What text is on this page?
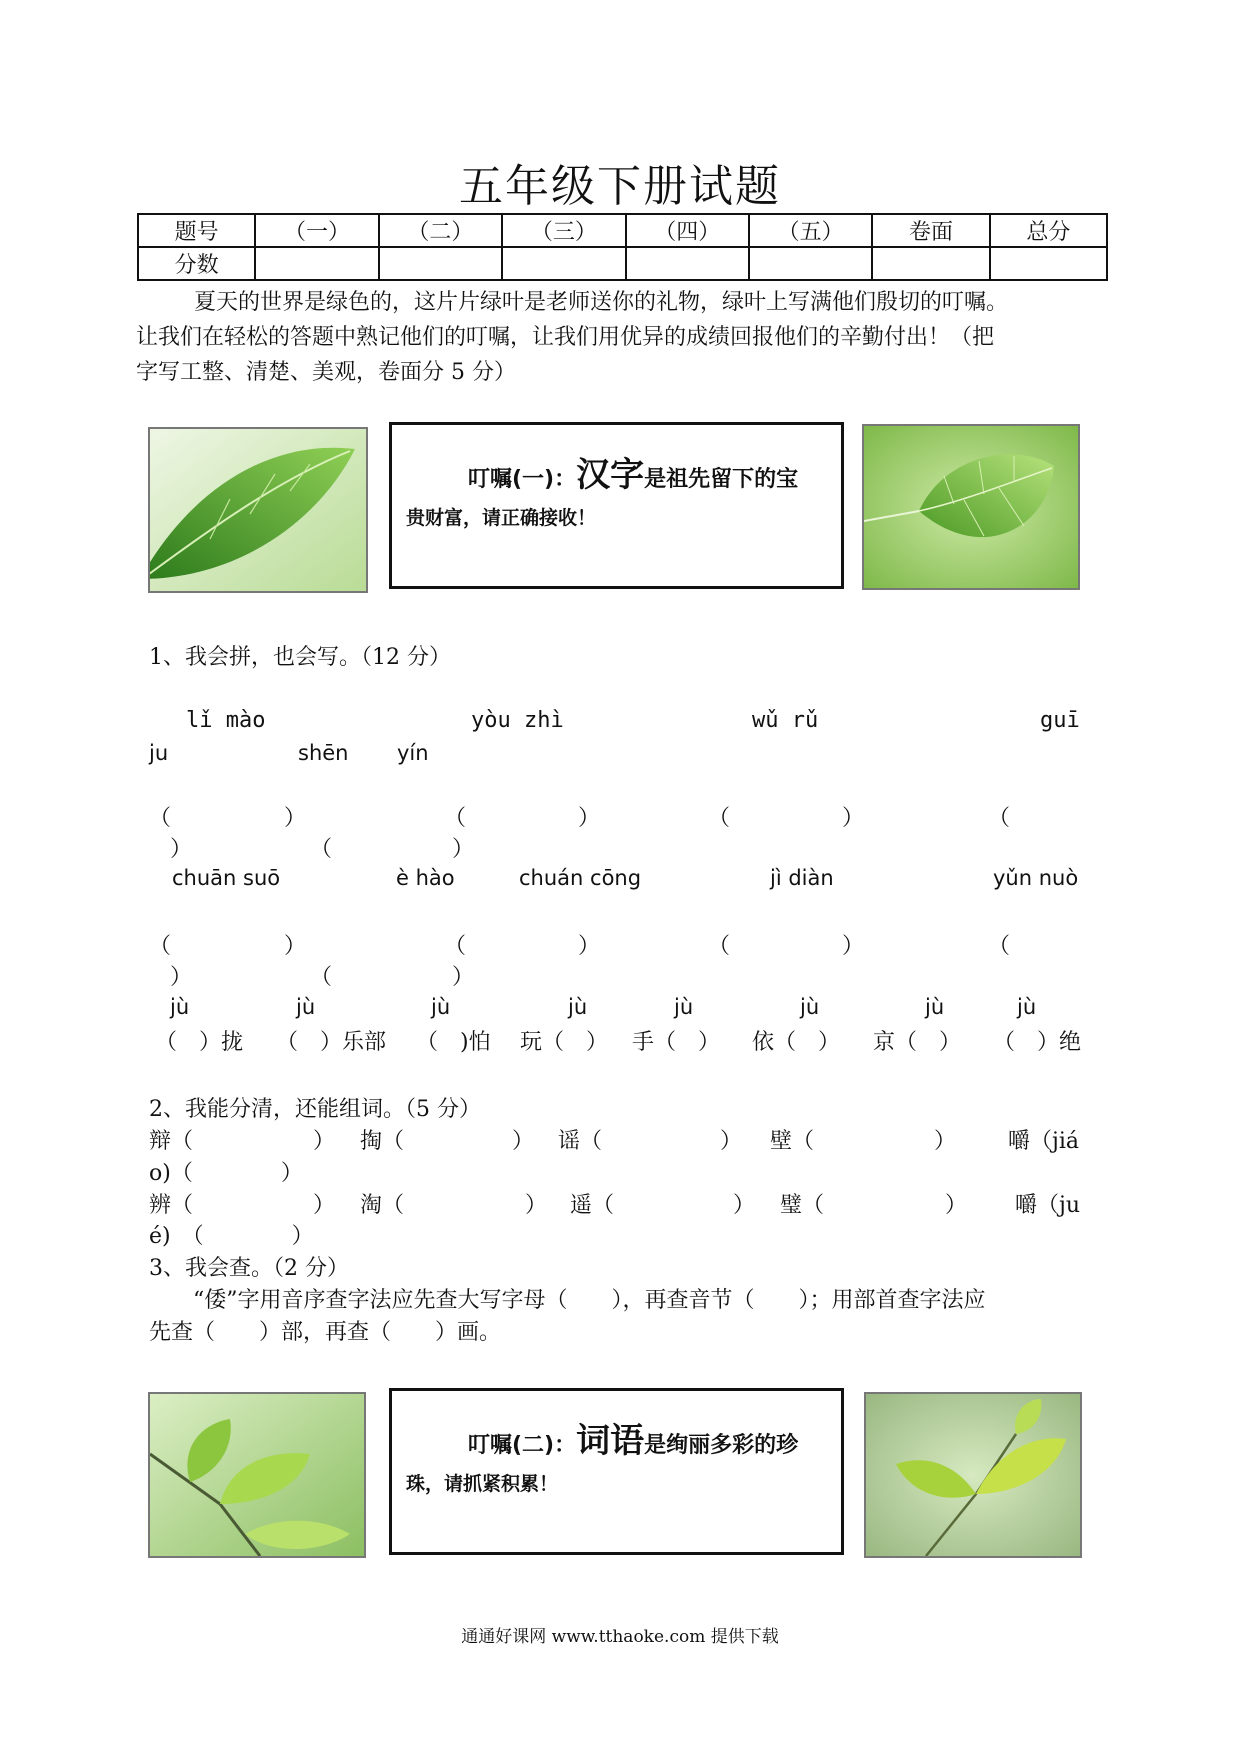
五年级下册试题
题号	（一）	（二）	（三）	（四）	（五）	卷面	总分
分数							

夏天的世界是绿色的，这片片绿叶是老师送你的礼物，绿叶上写满他们殷切的叮嘱。

让我们在轻松的答题中熟记他们的叮嘱，让我们用优异的成绩回报他们的辛勤付出！（把

字写工整、清楚、美观，卷面分 5 分）

叮嘱(一)：汉字是祖先留下的宝
贵财富，请正确接收！
1、我会拼，也会写。（12 分）
lǐ mào	yòu zhì	wǔ rǔ	guī
ju	shēn yín
（	）	（	）	（	）	（
）	（	）
chuān suō	è hào	chuán cōng	jì diàn	yǔn nuò
（	）	（	）	（	）	（
）	（	）
jù	jù	jù	jù	jù	jù	jù	jù
（　）拢 （　）乐部 （　)怕 玩（　） 手（　） 依（　） 京（　） （　）绝
2、我能分清，还能组词。（5 分）
辩（	） 掏（	） 谣（	） 壁（	） 嚼（jiá
o)（　　　　）
辨（	） 淘（	） 遥（	） 璧（	） 嚼（ju
é)　（　　　　）
3、我会查。（2 分）
“倭”字用音序查字法应先查大写字母（　　），再查音节（　　）；用部首查字法应
先查（　　）部，再查（　　）画。
叮嘱(二)：词语是绚丽多彩的珍
珠，请抓紧积累！
通通好课网 www.tthaoke.com 提供下载
